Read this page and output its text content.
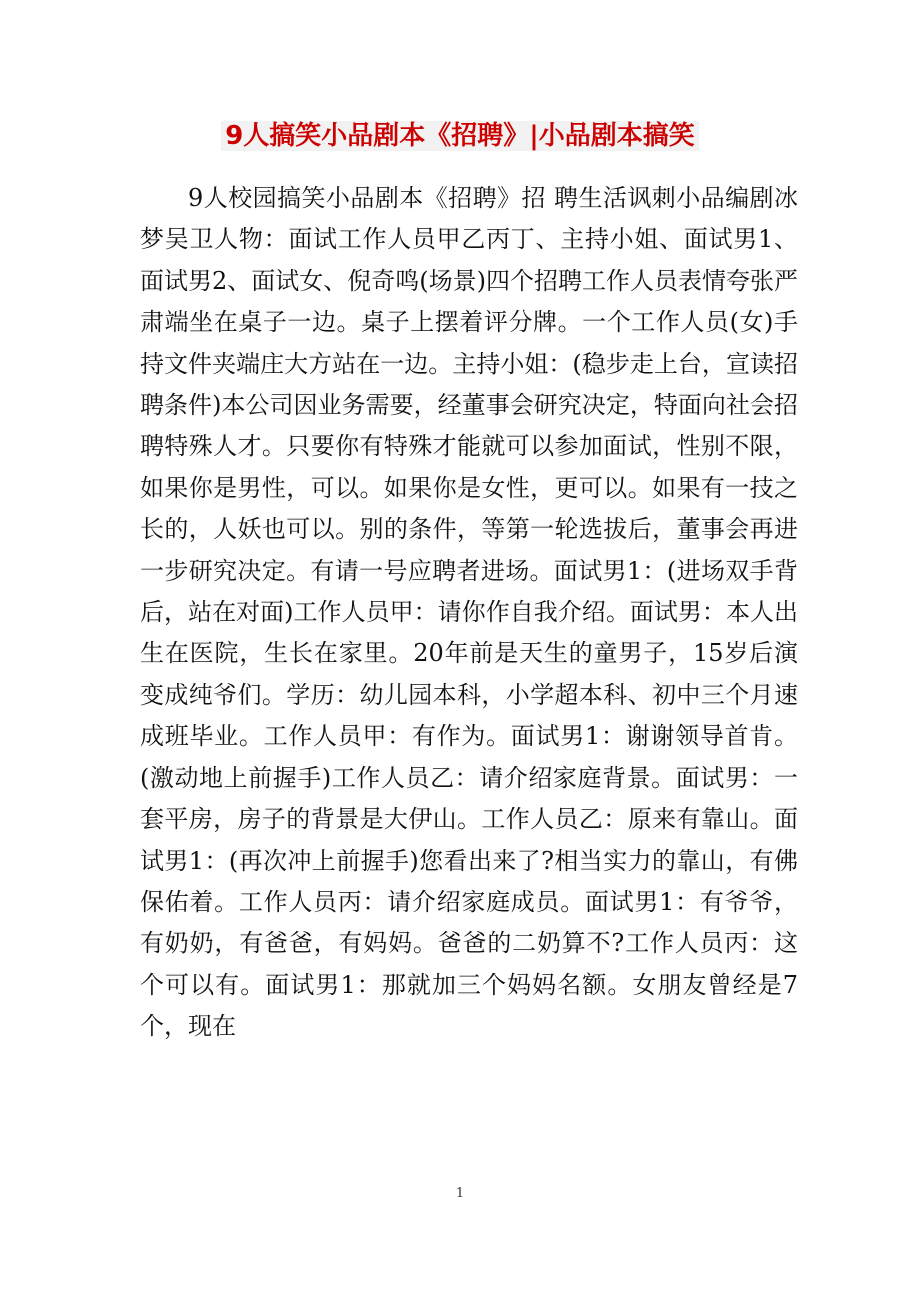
9人搞笑小品剧本《招聘》|小品剧本搞笑

9人校园搞笑小品剧本《招聘》招 聘生活讽刺小品编剧冰梦吴卫人物：面试工作人员甲乙丙丁、主持小姐、面试男1、面试男2、面试女、倪奇鸣(场景)四个招聘工作人员表情夸张严肃端坐在桌子一边。桌子上摆着评分牌。一个工作人员(女)手持文件夹端庄大方站在一边。主持小姐：(稳步走上台，宣读招聘条件)本公司因业务需要，经董事会研究决定，特面向社会招聘特殊人才。只要你有特殊才能就可以参加面试，性别不限，如果你是男性，可以。如果你是女性，更可以。如果有一技之长的，人妖也可以。别的条件，等第一轮选拔后，董事会再进一步研究决定。有请一号应聘者进场。面试男1：(进场双手背后，站在对面)工作人员甲：请你作自我介绍。面试男：本人出生在医院，生长在家里。20年前是天生的童男子，15岁后演变成纯爷们。学历：幼儿园本科，小学超本科、初中三个月速成班毕业。工作人员甲：有作为。面试男1：谢谢领导首肯。(激动地上前握手)工作人员乙：请介绍家庭背景。面试男：一套平房，房子的背景是大伊山。工作人员乙：原来有靠山。面试男1：(再次冲上前握手)您看出来了?相当实力的靠山，有佛保佑着。工作人员丙：请介绍家庭成员。面试男1：有爷爷，有奶奶，有爸爸，有妈妈。爸爸的二奶算不?工作人员丙：这个可以有。面试男1：那就加三个妈妈名额。女朋友曾经是7个，现在

1
